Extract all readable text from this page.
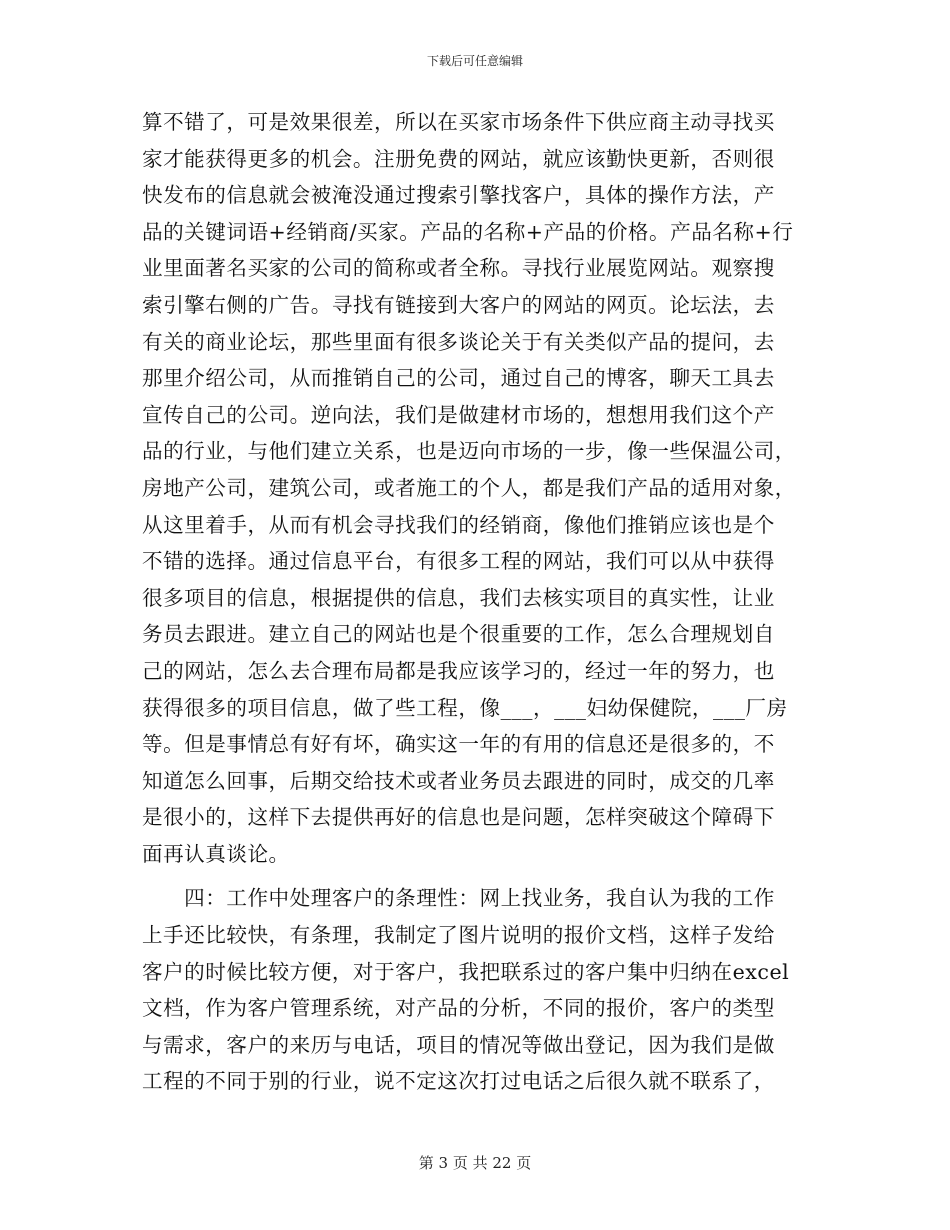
下载后可任意编辑
算不错了，可是效果很差，所以在买家市场条件下供应商主动寻找买
家才能获得更多的机会。注册免费的网站，就应该勤快更新，否则很
快发布的信息就会被淹没通过搜索引擎找客户，具体的操作方法，产
品的关键词语+经销商/买家。产品的名称+产品的价格。产品名称+行
业里面著名买家的公司的简称或者全称。寻找行业展览网站。观察搜
索引擎右侧的广告。寻找有链接到大客户的网站的网页。论坛法，去
有关的商业论坛，那些里面有很多谈论关于有关类似产品的提问，去
那里介绍公司，从而推销自己的公司，通过自己的博客，聊天工具去
宣传自己的公司。逆向法，我们是做建材市场的，想想用我们这个产
品的行业，与他们建立关系，也是迈向市场的一步，像一些保温公司，
房地产公司，建筑公司，或者施工的个人，都是我们产品的适用对象，
从这里着手，从而有机会寻找我们的经销商，像他们推销应该也是个
不错的选择。通过信息平台，有很多工程的网站，我们可以从中获得
很多项目的信息，根据提供的信息，我们去核实项目的真实性，让业
务员去跟进。建立自己的网站也是个很重要的工作，怎么合理规划自
己的网站，怎么去合理布局都是我应该学习的，经过一年的努力，也
获得很多的项目信息，做了些工程，像___，___妇幼保健院，___厂房
等。但是事情总有好有坏，确实这一年的有用的信息还是很多的，不
知道怎么回事，后期交给技术或者业务员去跟进的同时，成交的几率
是很小的，这样下去提供再好的信息也是问题，怎样突破这个障碍下
面再认真谈论。
　　四：工作中处理客户的条理性：网上找业务，我自认为我的工作
上手还比较快，有条理，我制定了图片说明的报价文档，这样子发给
客户的时候比较方便，对于客户，我把联系过的客户集中归纳在excel
文档，作为客户管理系统，对产品的分析，不同的报价，客户的类型
与需求，客户的来历与电话，项目的情况等做出登记，因为我们是做
工程的不同于别的行业，说不定这次打过电话之后很久就不联系了，
第 3 页 共 22 页
